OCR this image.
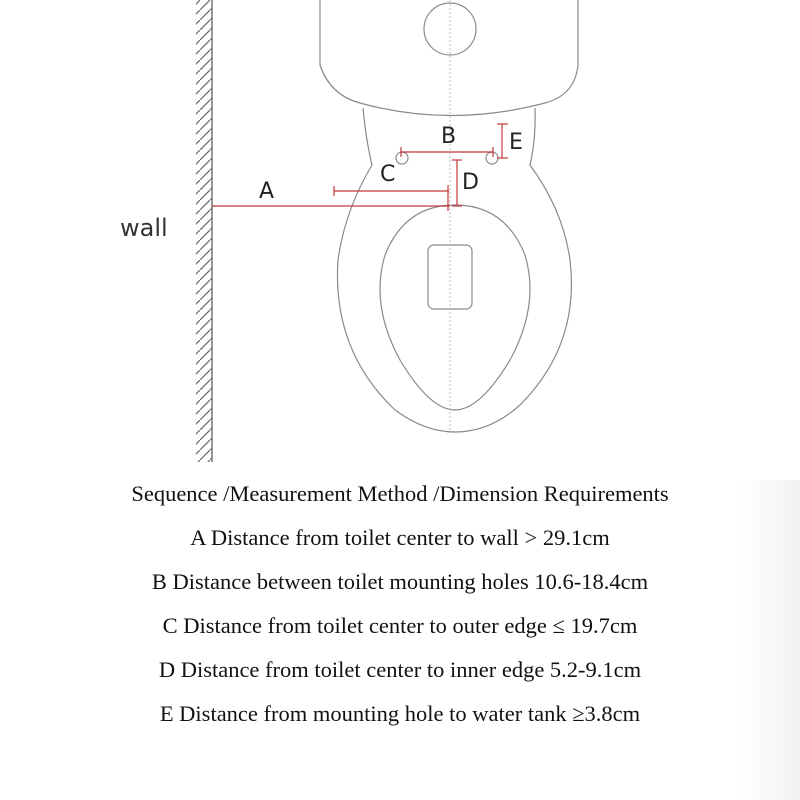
wall
A
B
C	D
E
Sequence /Measurement Method /Dimension Requirements
A Distance from toilet center to wall > 29.1cm
B Distance between toilet mounting holes 10.6-18.4cm
C Distance from toilet center to outer edge ≤ 19.7cm
D Distance from toilet center to inner edge 5.2-9.1cm
E Distance from mounting hole to water tank ≥3.8cm
